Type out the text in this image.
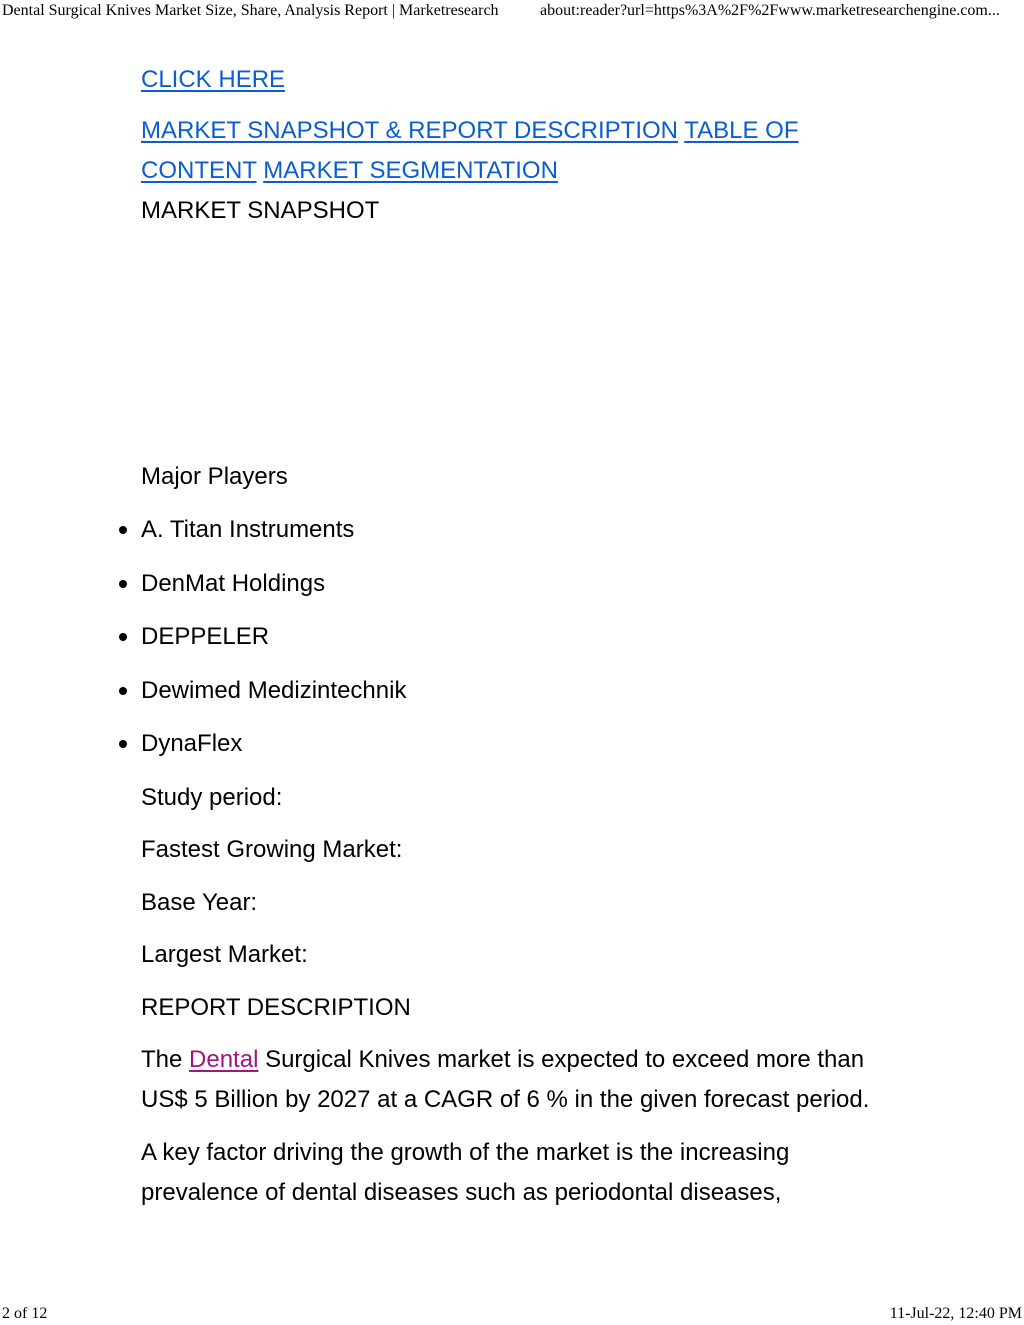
Dental Surgical Knives Market Size, Share, Analysis Report | Marketresearch	about:reader?url=https%3A%2F%2Fwww.marketresearchengine.com...

CLICK HERE

MARKET SNAPSHOT & REPORT DESCRIPTION TABLE OF CONTENT MARKET SEGMENTATION

MARKET SNAPSHOT

Major Players

A. Titan Instruments
DenMat Holdings
DEPPELER
Dewimed Medizintechnik
DynaFlex

Study period:

Fastest Growing Market:

Base Year:

Largest Market:

REPORT DESCRIPTION

The Dental Surgical Knives market is expected to exceed more than US$ 5 Billion by 2027 at a CAGR of 6 % in the given forecast period.

A key factor driving the growth of the market is the increasing prevalence of dental diseases such as periodontal diseases,

2 of 12	11-Jul-22, 12:40 PM
